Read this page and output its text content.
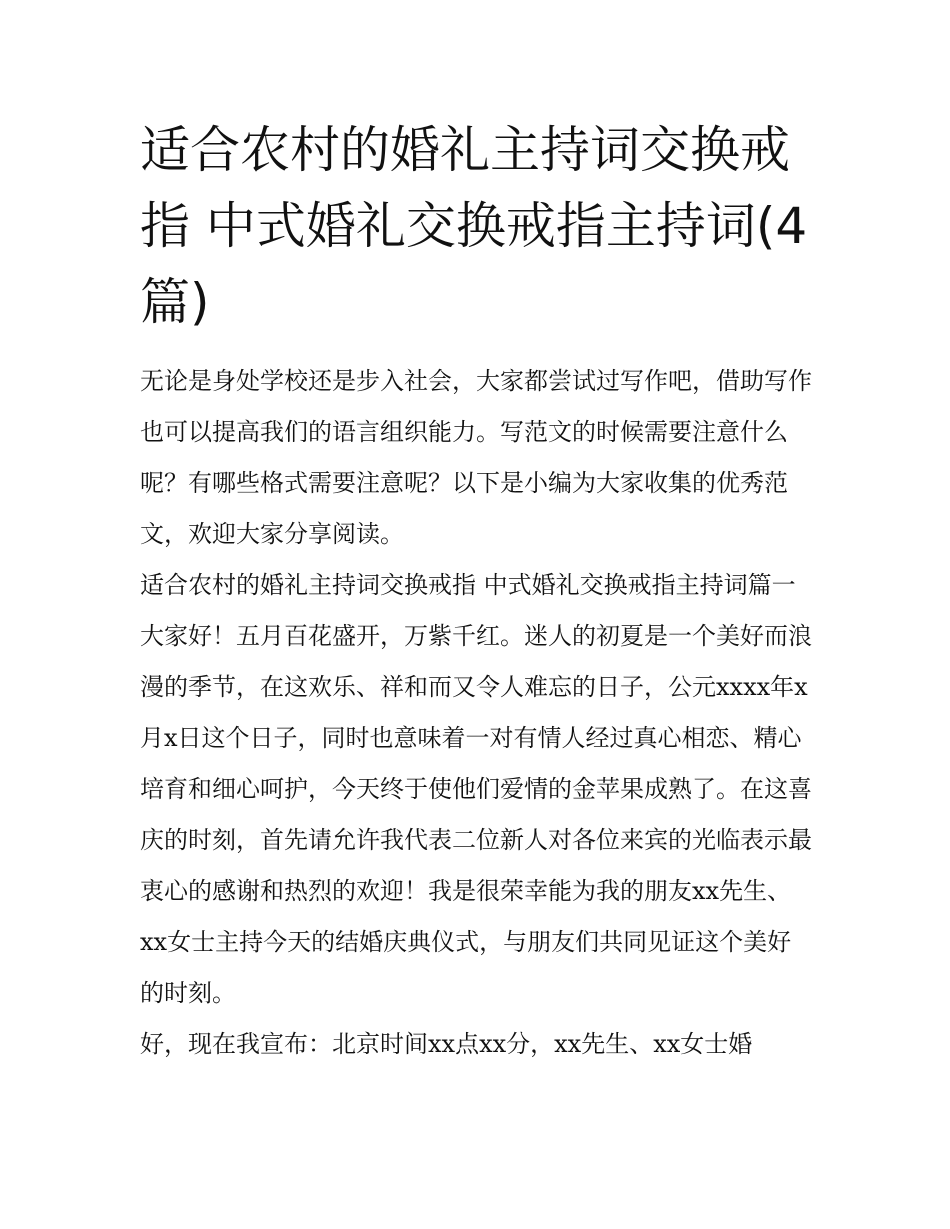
适合农村的婚礼主持词交换戒指 中式婚礼交换戒指主持词(4篇)

无论是身处学校还是步入社会，大家都尝试过写作吧，借助写作也可以提高我们的语言组织能力。写范文的时候需要注意什么呢？有哪些格式需要注意呢？以下是小编为大家收集的优秀范文，欢迎大家分享阅读。

适合农村的婚礼主持词交换戒指 中式婚礼交换戒指主持词篇一

大家好！五月百花盛开，万紫千红。迷人的初夏是一个美好而浪漫的季节，在这欢乐、祥和而又令人难忘的日子，公元xxxx年x月x日这个日子，同时也意味着一对有情人经过真心相恋、精心培育和细心呵护，今天终于使他们爱情的金苹果成熟了。在这喜庆的时刻，首先请允许我代表二位新人对各位来宾的光临表示最衷心的感谢和热烈的欢迎！我是很荣幸能为我的朋友xx先生、xx女士主持今天的结婚庆典仪式，与朋友们共同见证这个美好的时刻。

好，现在我宣布：北京时间xx点xx分，xx先生、xx女士婚
